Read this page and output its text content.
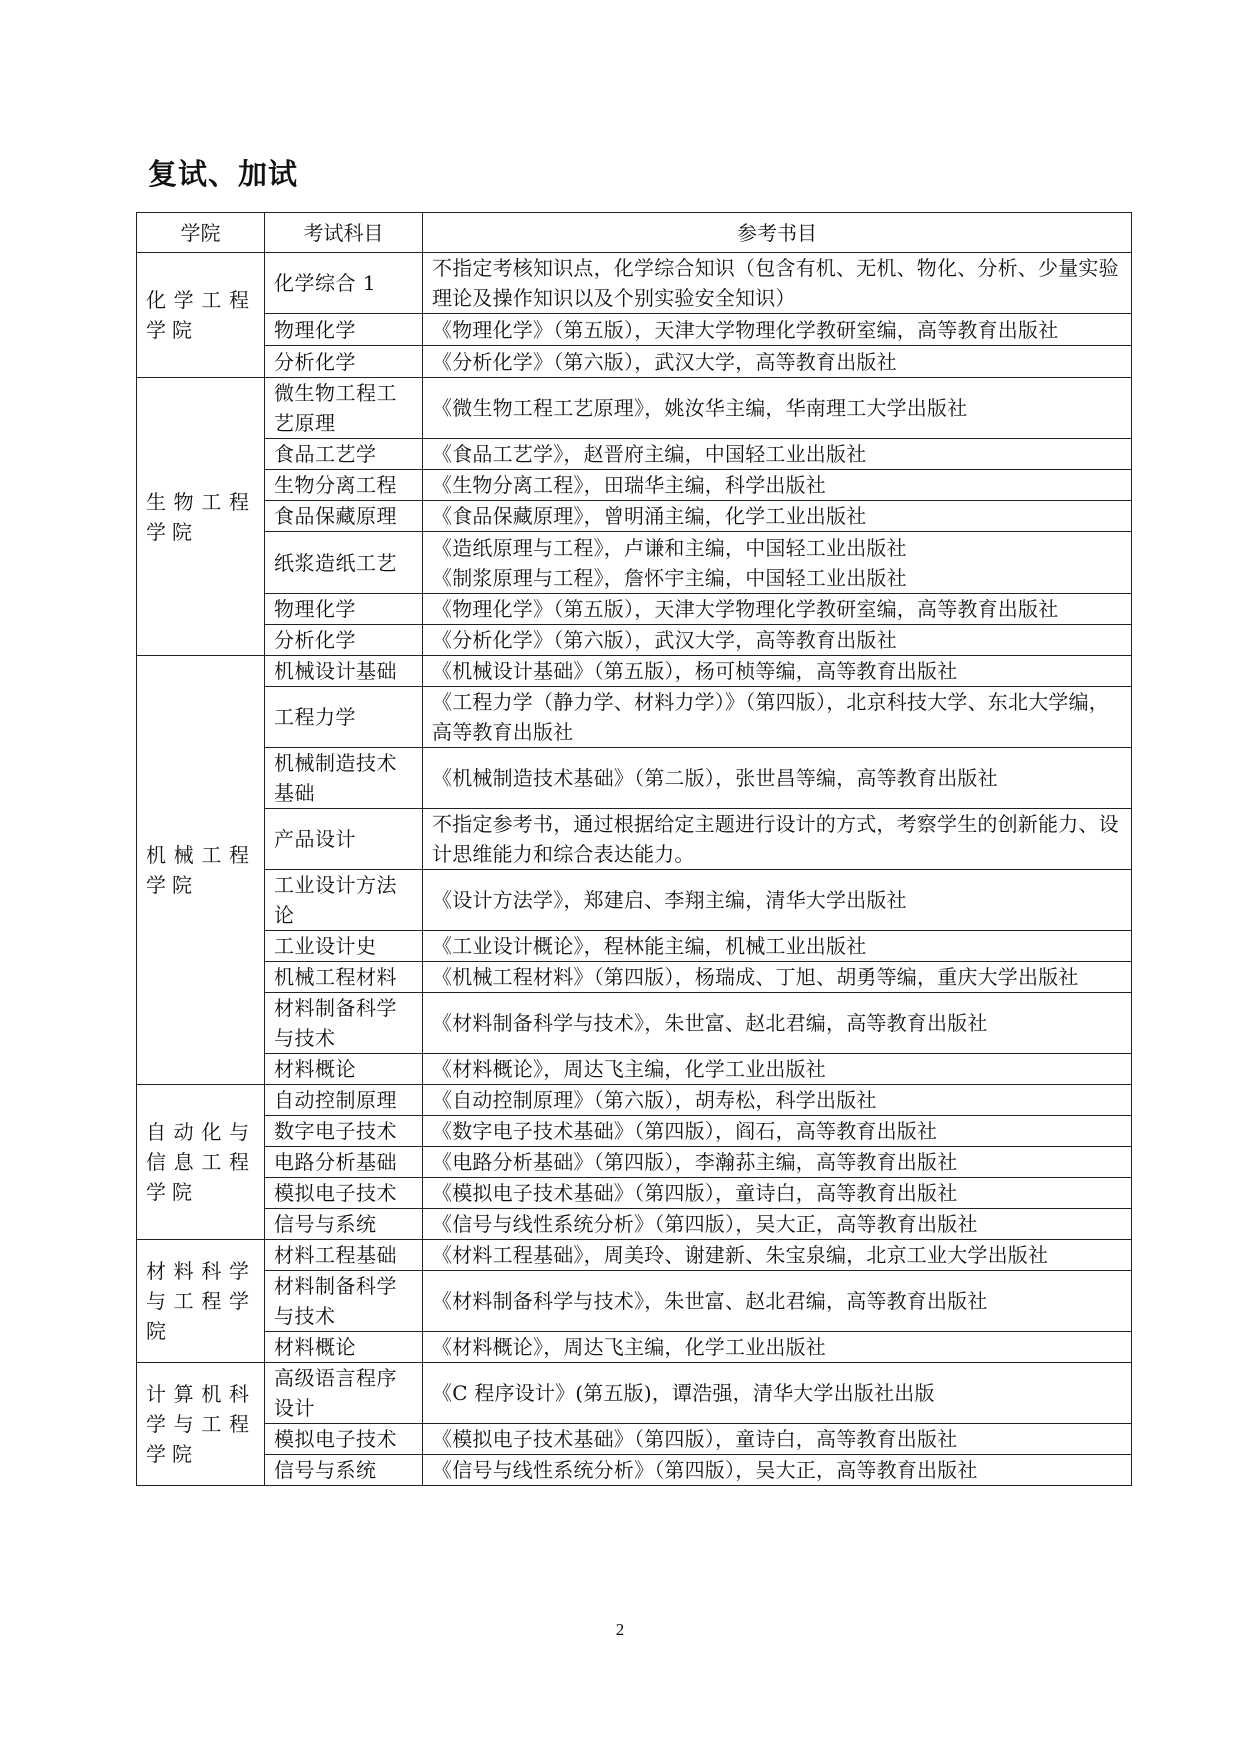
复试、加试
学院	考试科目	参考书目
化学工程学院	化学综合 1	不指定考核知识点，化学综合知识（包含有机、无机、物化、分析、少量实验理论及操作知识以及个别实验安全知识）

	物理化学	《物理化学》（第五版），天津大学物理化学教研室编，高等教育出版社

	分析化学	《分析化学》（第六版），武汉大学，高等教育出版社

生物工程学院	微生物工程工艺原理	《微生物工程工艺原理》，姚汝华主编，华南理工大学出版社

	食品工艺学	《食品工艺学》，赵晋府主编，中国轻工业出版社

	生物分离工程	《生物分离工程》，田瑞华主编，科学出版社

	食品保藏原理	《食品保藏原理》，曾明涌主编，化学工业出版社

	纸浆造纸工艺	《造纸原理与工程》，卢谦和主编，中国轻工业出版社
《制浆原理与工程》，詹怀宇主编，中国轻工业出版社

	物理化学	《物理化学》（第五版），天津大学物理化学教研室编，高等教育出版社

	分析化学	《分析化学》（第六版），武汉大学，高等教育出版社

机械工程学院	机械设计基础	《机械设计基础》（第五版），杨可桢等编，高等教育出版社

	工程力学	《工程力学（静力学、材料力学）》（第四版），北京科技大学、东北大学编，高等教育出版社

	机械制造技术基础	《机械制造技术基础》（第二版），张世昌等编，高等教育出版社

	产品设计	不指定参考书，通过根据给定主题进行设计的方式，考察学生的创新能力、设计思维能力和综合表达能力。

	工业设计方法论	《设计方法学》，郑建启、李翔主编，清华大学出版社

	工业设计史	《工业设计概论》，程林能主编，机械工业出版社

	机械工程材料	《机械工程材料》（第四版），杨瑞成、丁旭、胡勇等编，重庆大学出版社

	材料制备科学与技术	《材料制备科学与技术》，朱世富、赵北君编，高等教育出版社

	材料概论	《材料概论》，周达飞主编，化学工业出版社

自动化与信息工程学院	自动控制原理	《自动控制原理》（第六版），胡寿松，科学出版社

	数字电子技术	《数字电子技术基础》（第四版），阎石，高等教育出版社

	电路分析基础	《电路分析基础》（第四版），李瀚荪主编，高等教育出版社

	模拟电子技术	《模拟电子技术基础》（第四版），童诗白，高等教育出版社

	信号与系统	《信号与线性系统分析》（第四版），吴大正，高等教育出版社

材料科学与工程学院	材料工程基础	《材料工程基础》，周美玲、谢建新、朱宝泉编，北京工业大学出版社

	材料制备科学与技术	《材料制备科学与技术》，朱世富、赵北君编，高等教育出版社

	材料概论	《材料概论》，周达飞主编，化学工业出版社

计算机科学与工程学院	高级语言程序设计	《C 程序设计》(第五版)，谭浩强，清华大学出版社出版

	模拟电子技术	《模拟电子技术基础》（第四版），童诗白，高等教育出版社

	信号与系统	《信号与线性系统分析》（第四版），吴大正，高等教育出版社
2
